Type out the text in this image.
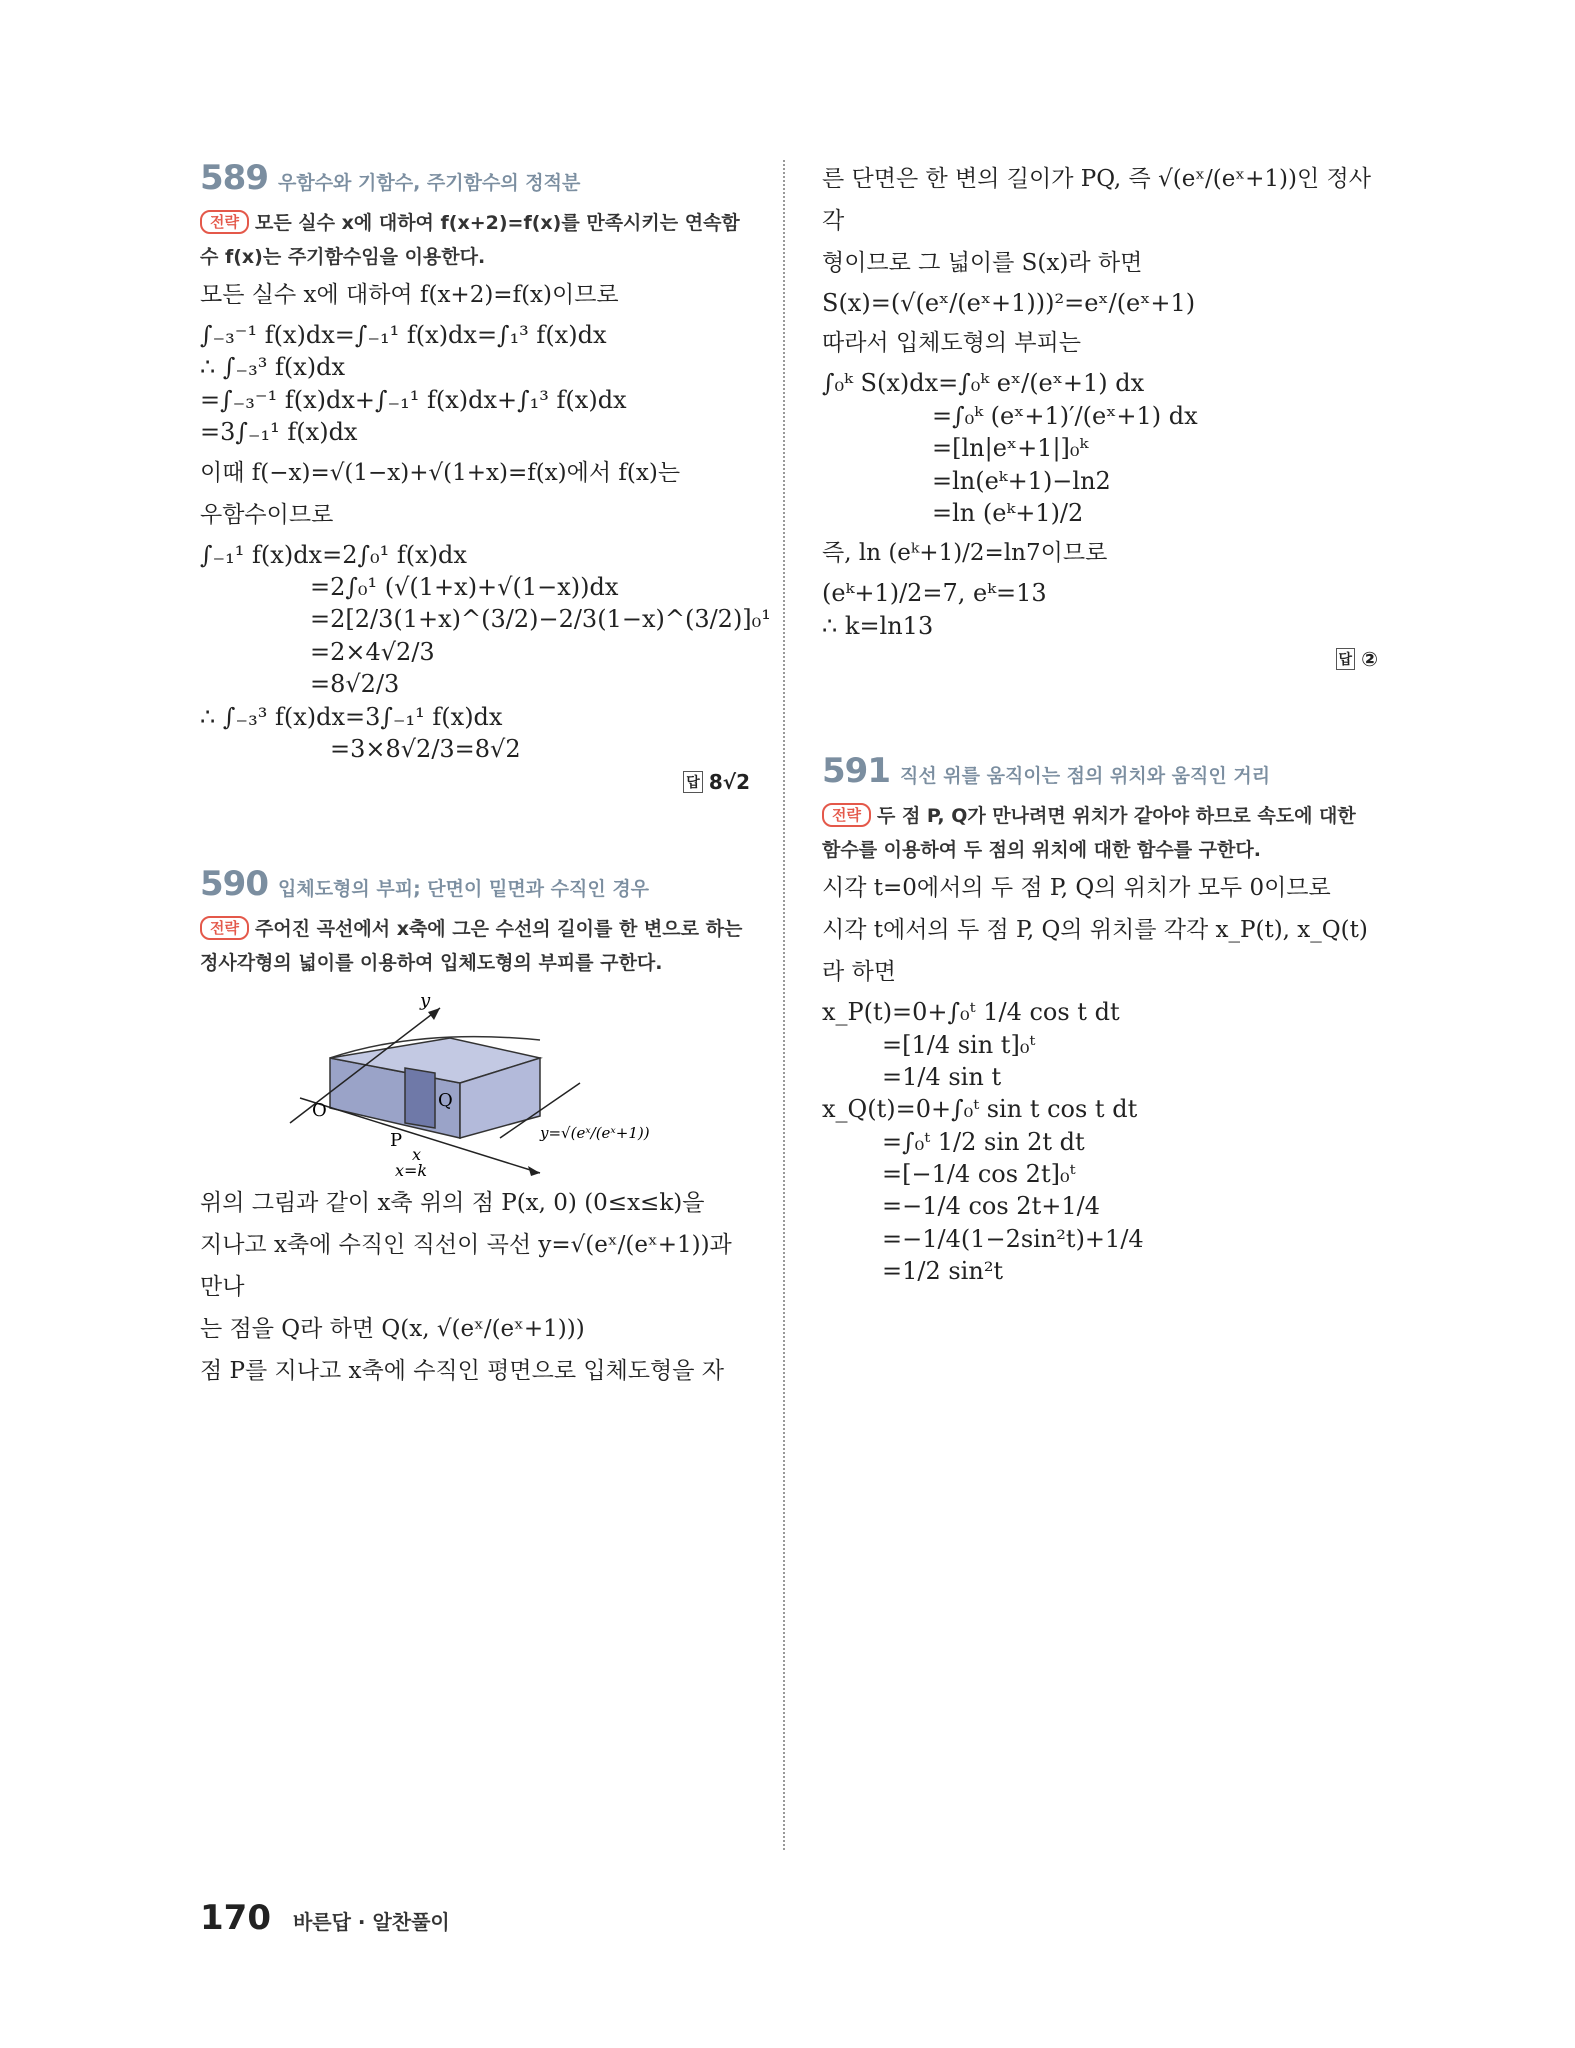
589 우함수와 기함수, 주기함수의 정적분
전략 모든 실수 x에 대하여 f(x+2)=f(x)를 만족시키는 연속함수 f(x)는 주기함수임을 이용한다.

모든 실수 x에 대하여 f(x+2)=f(x)이므로

∫₋₃⁻¹ f(x)dx=∫₋₁¹ f(x)dx=∫₁³ f(x)dx
∴ ∫₋₃³ f(x)dx
=∫₋₃⁻¹ f(x)dx+∫₋₁¹ f(x)dx+∫₁³ f(x)dx
=3∫₋₁¹ f(x)dx

이때 f(−x)=√(1−x)+√(1+x)=f(x)에서 f(x)는

우함수이므로

∫₋₁¹ f(x)dx=2∫₀¹ f(x)dx
=2∫₀¹ (√(1+x)+√(1−x))dx
=2[2/3(1+x)^(3/2)−2/3(1−x)^(3/2)]₀¹
=2×4√2/3
=8√2/3
∴ ∫₋₃³ f(x)dx=3∫₋₁¹ f(x)dx
=3×8√2/3=8√2
답 8√2
590 입체도형의 부피; 단면이 밑면과 수직인 경우
전략 주어진 곡선에서 x축에 그은 수선의 길이를 한 변으로 하는 정사각형의 넓이를 이용하여 입체도형의 부피를 구한다.
y
O
P
Q
x
x=k
y=√(eˣ/(eˣ+1))

위의 그림과 같이 x축 위의 점 P(x, 0) (0≤x≤k)을

지나고 x축에 수직인 직선이 곡선 y=√(eˣ/(eˣ+1))과 만나

는 점을 Q라 하면 Q(x, √(eˣ/(eˣ+1)))

점 P를 지나고 x축에 수직인 평면으로 입체도형을 자

른 단면은 한 변의 길이가 PQ, 즉 √(eˣ/(eˣ+1))인 정사각

형이므로 그 넓이를 S(x)라 하면

S(x)=(√(eˣ/(eˣ+1)))²=eˣ/(eˣ+1)

따라서 입체도형의 부피는

∫₀ᵏ S(x)dx=∫₀ᵏ eˣ/(eˣ+1) dx
=∫₀ᵏ (eˣ+1)′/(eˣ+1) dx
=[ln|eˣ+1|]₀ᵏ
=ln(eᵏ+1)−ln2
=ln (eᵏ+1)/2

즉, ln (eᵏ+1)/2=ln7이므로

(eᵏ+1)/2=7, eᵏ=13
∴ k=ln13
답 ②
591 직선 위를 움직이는 점의 위치와 움직인 거리
전략 두 점 P, Q가 만나려면 위치가 같아야 하므로 속도에 대한 함수를 이용하여 두 점의 위치에 대한 함수를 구한다.

시각 t=0에서의 두 점 P, Q의 위치가 모두 0이므로

시각 t에서의 두 점 P, Q의 위치를 각각 x_P(t), x_Q(t)

라 하면

x_P(t)=0+∫₀ᵗ 1/4 cos t dt
=[1/4 sin t]₀ᵗ
=1/4 sin t
x_Q(t)=0+∫₀ᵗ sin t cos t dt
=∫₀ᵗ 1/2 sin 2t dt
=[−1/4 cos 2t]₀ᵗ
=−1/4 cos 2t+1/4
=−1/4(1−2sin²t)+1/4
=1/2 sin²t
170 바른답 · 알찬풀이
